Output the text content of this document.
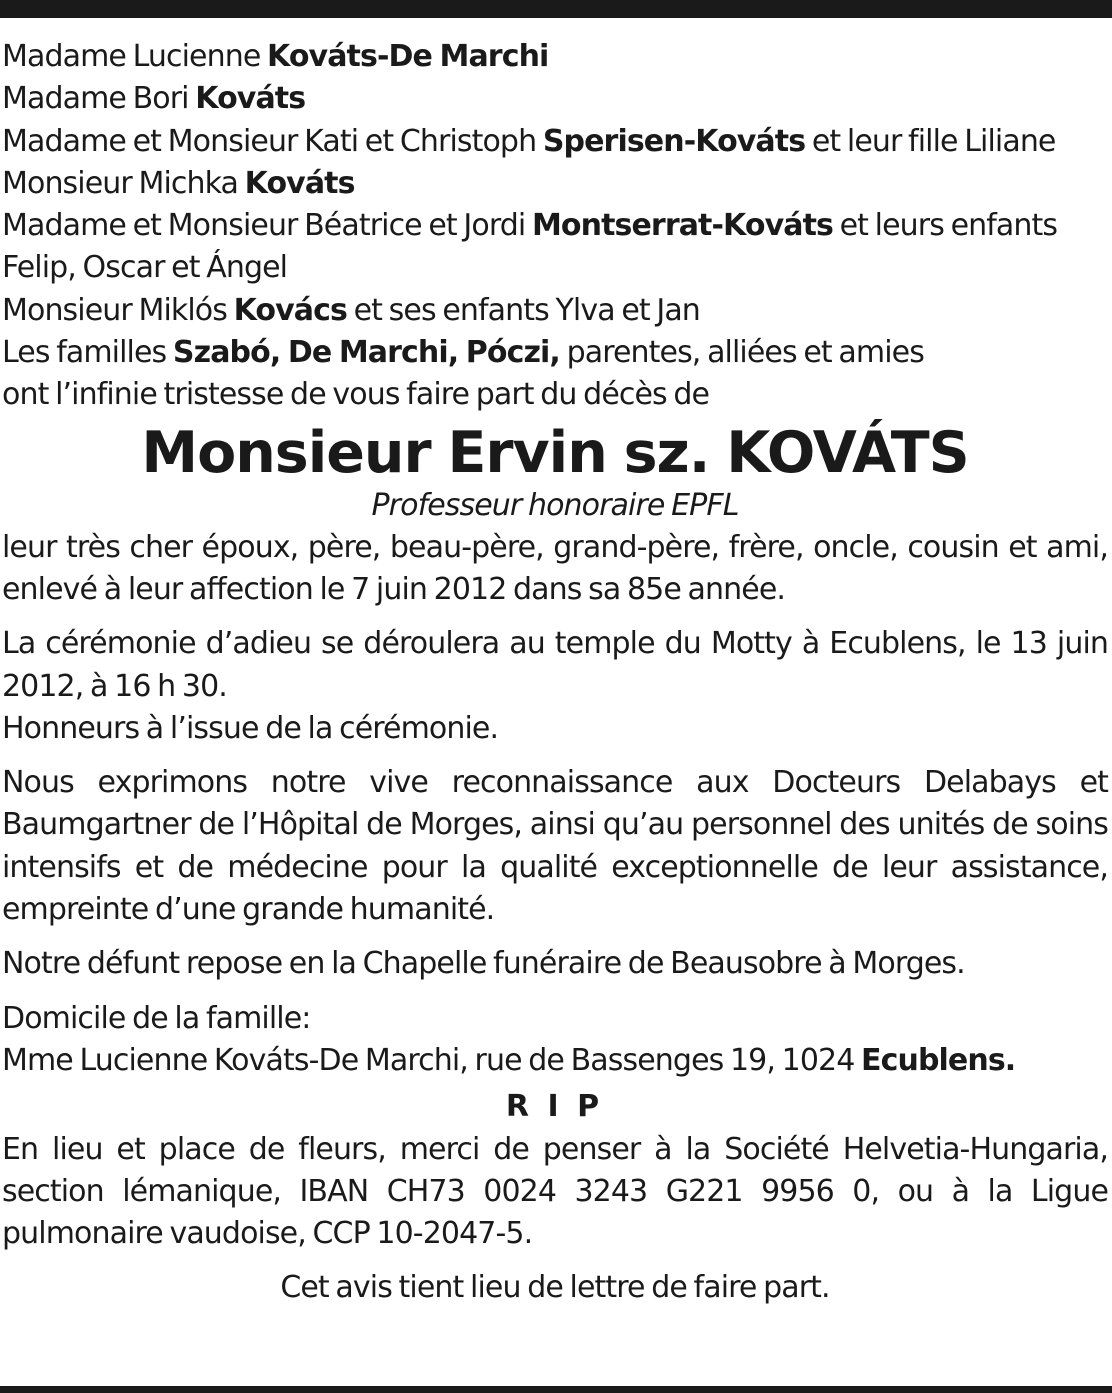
Madame Lucienne Kováts-De Marchi
Madame Bori Kováts
Madame et Monsieur Kati et Christoph Sperisen-Kováts et leur fille Liliane
Monsieur Michka Kováts
Madame et Monsieur Béatrice et Jordi Montserrat-Kováts et leurs enfants
Felip, Oscar et Ángel
Monsieur Miklós Kovács et ses enfants Ylva et Jan
Les familles Szabó, De Marchi, Póczi, parentes, alliées et amies
ont l’infinie tristesse de vous faire part du décès de
Monsieur Ervin sz. KOVÁTS
Professeur honoraire EPFL
leur très cher époux, père, beau-père, grand-père, frère, oncle, cousin et ami, enlevé à leur affection le 7 juin 2012 dans sa 85e année.
La cérémonie d’adieu se déroulera au temple du Motty à Ecublens, le 13 juin 2012, à 16 h 30.
Honneurs à l’issue de la cérémonie.
Nous exprimons notre vive reconnaissance aux Docteurs Delabays et Baumgartner de l’Hôpital de Morges, ainsi qu’au personnel des unités de soins intensifs et de médecine pour la qualité exceptionnelle de leur assistance, empreinte d’une grande humanité.
Notre défunt repose en la Chapelle funéraire de Beausobre à Morges.
Domicile de la famille:
Mme Lucienne Kováts-De Marchi, rue de Bassenges 19, 1024 Ecublens.
R I P
En lieu et place de fleurs, merci de penser à la Société Helvetia-Hungaria, section lémanique, IBAN CH73 0024 3243 G221 9956 0, ou à la Ligue pulmonaire vaudoise, CCP 10-2047-5.
Cet avis tient lieu de lettre de faire part.
